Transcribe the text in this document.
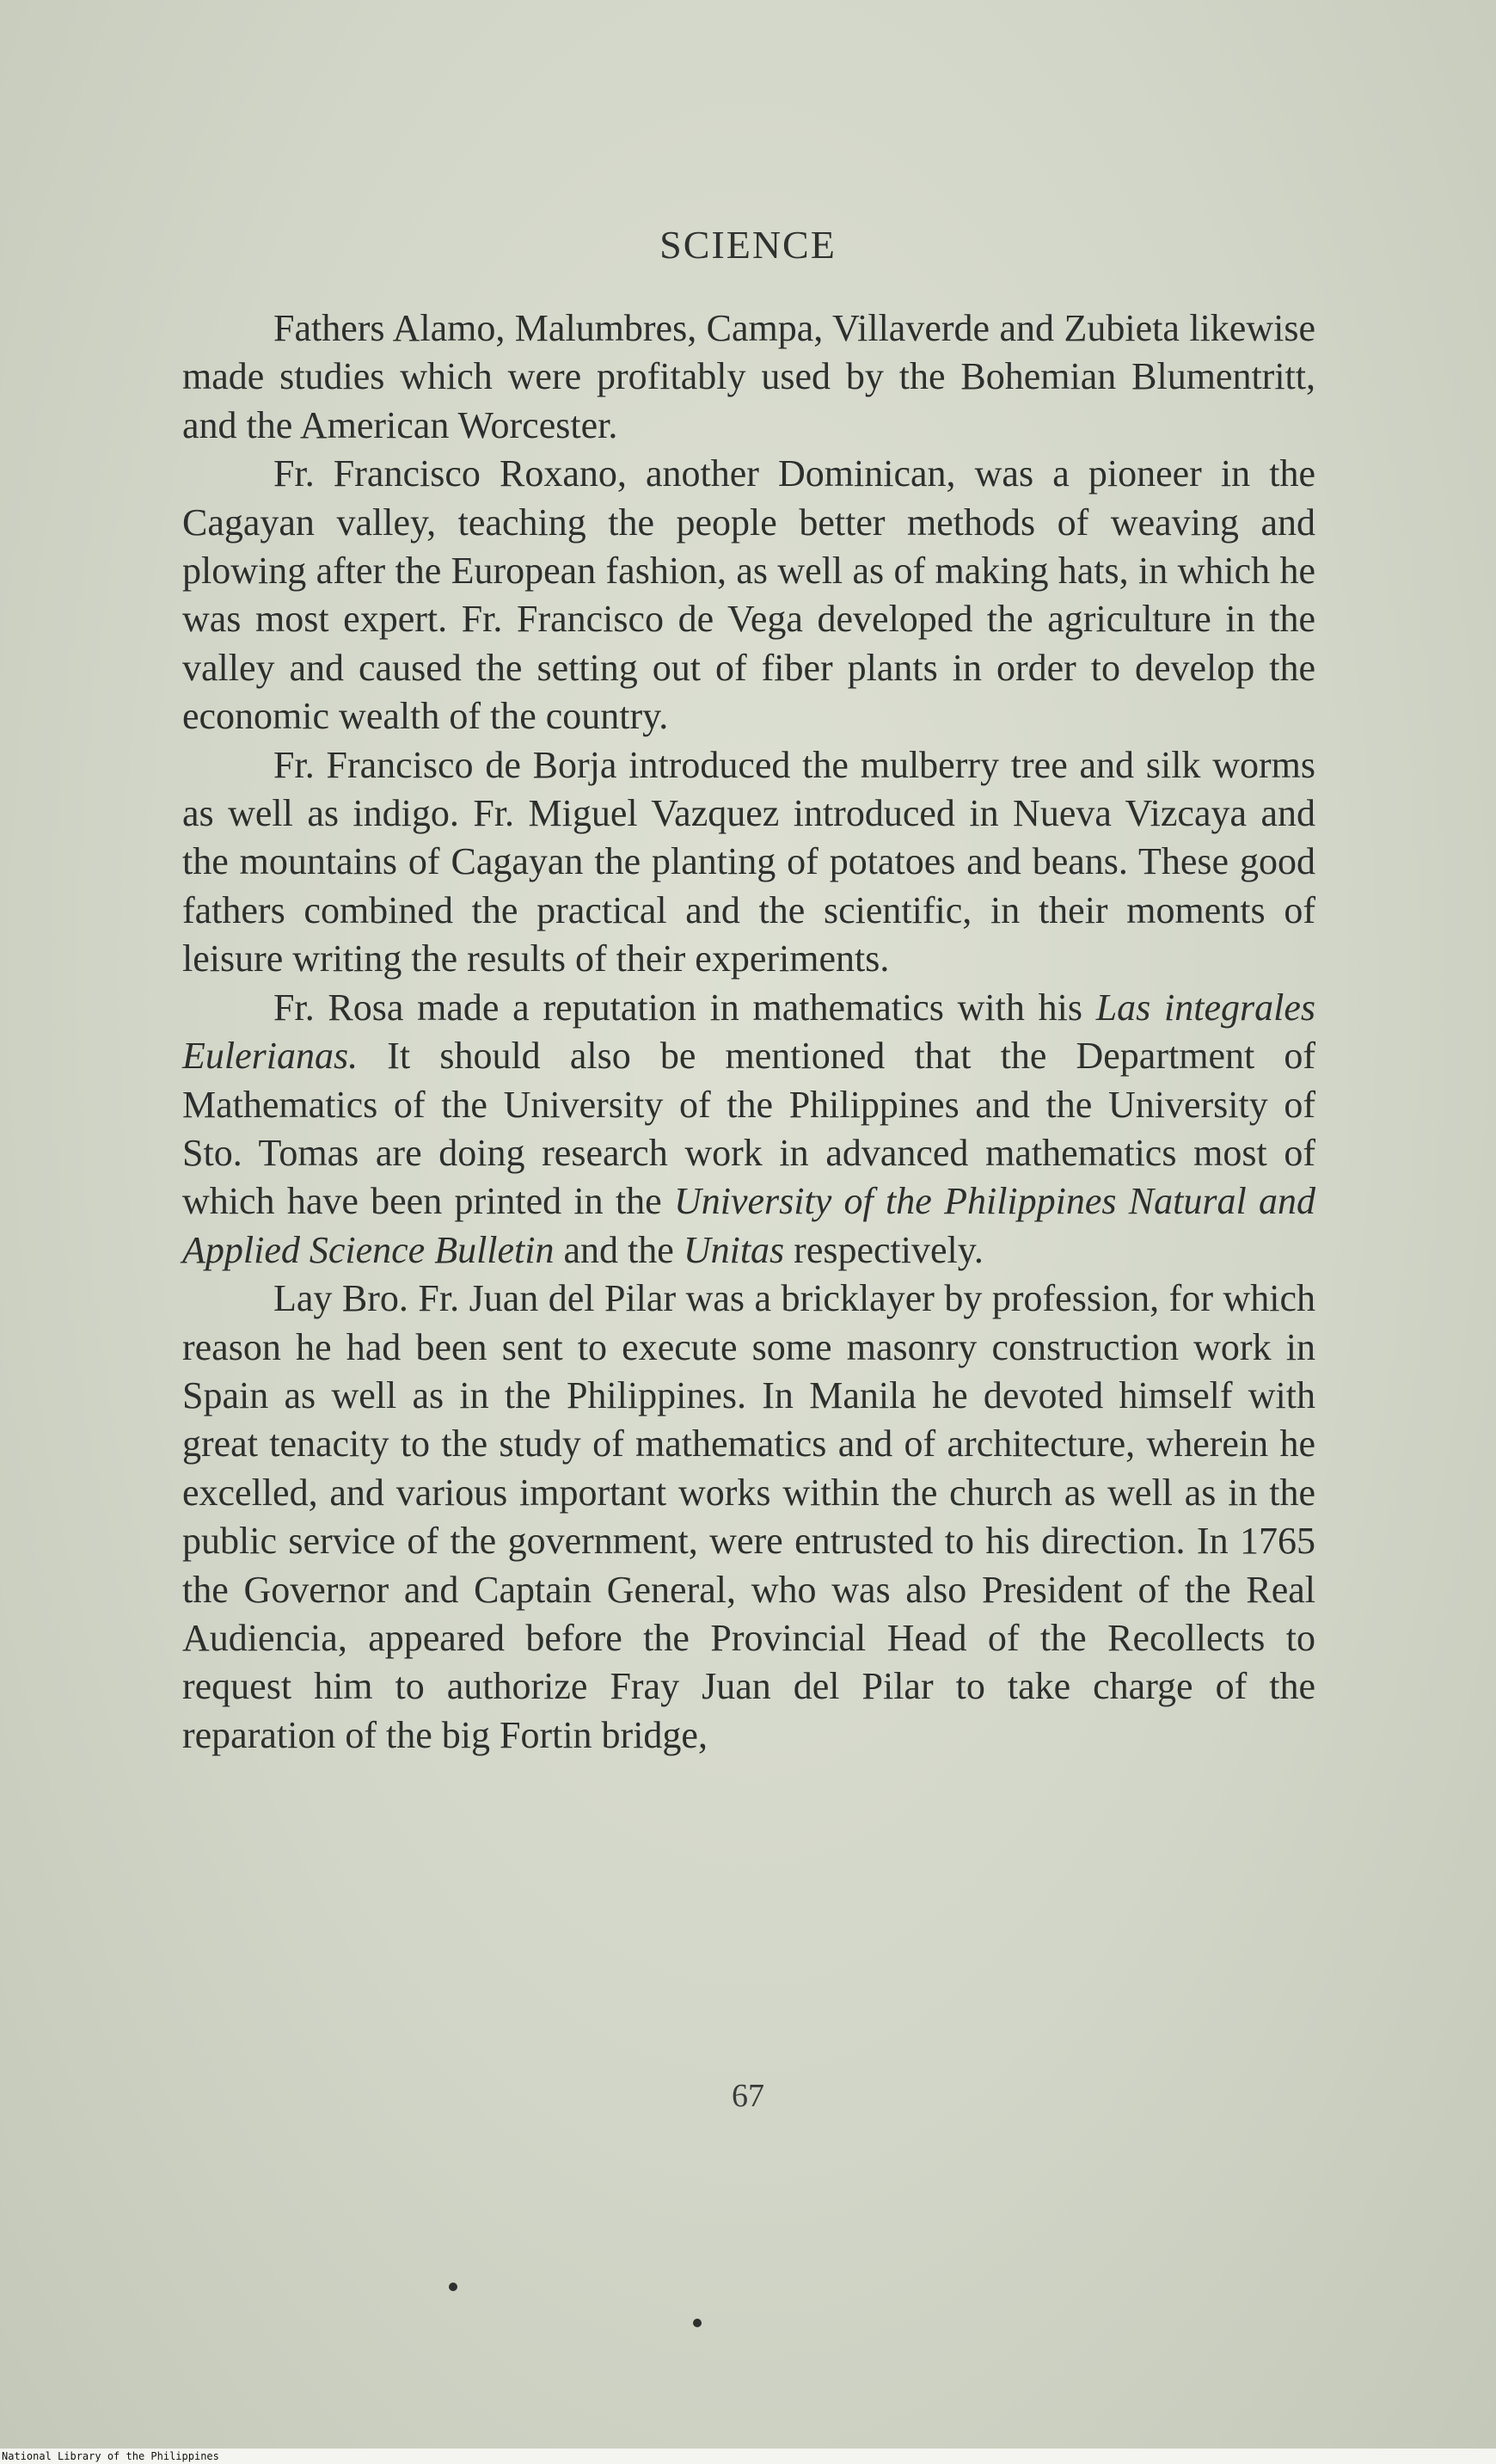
SCIENCE

Fathers Alamo, Malumbres, Campa, Villaverde and Zubieta likewise made studies which were profitably used by the Bohemian Blumentritt, and the American Worcester.

Fr. Francisco Roxano, another Dominican, was a pioneer in the Cagayan valley, teaching the people better methods of weaving and plowing after the European fashion, as well as of making hats, in which he was most expert. Fr. Francisco de Vega developed the agriculture in the valley and caused the setting out of fiber plants in order to develop the economic wealth of the country.

Fr. Francisco de Borja introduced the mulberry tree and silk worms as well as indigo. Fr. Miguel Vazquez introduced in Nueva Vizcaya and the mountains of Cagayan the planting of potatoes and beans. These good fathers combined the practical and the scientific, in their moments of leisure writing the results of their experiments.

Fr. Rosa made a reputation in mathematics with his Las integrales Eulerianas. It should also be mentioned that the Department of Mathematics of the University of the Philippines and the University of Sto. Tomas are doing research work in advanced mathematics most of which have been printed in the University of the Philippines Natural and Applied Science Bulletin and the Unitas respectively.

Lay Bro. Fr. Juan del Pilar was a bricklayer by profession, for which reason he had been sent to execute some masonry construction work in Spain as well as in the Philippines. In Manila he devoted himself with great tenacity to the study of mathematics and of architecture, wherein he excelled, and various important works within the church as well as in the public service of the government, were entrusted to his direction. In 1765 the Governor and Captain General, who was also President of the Real Audiencia, appeared before the Provincial Head of the Recollects to request him to authorize Fray Juan del Pilar to take charge of the reparation of the big Fortin bridge,

67
National Library of the Philippines
